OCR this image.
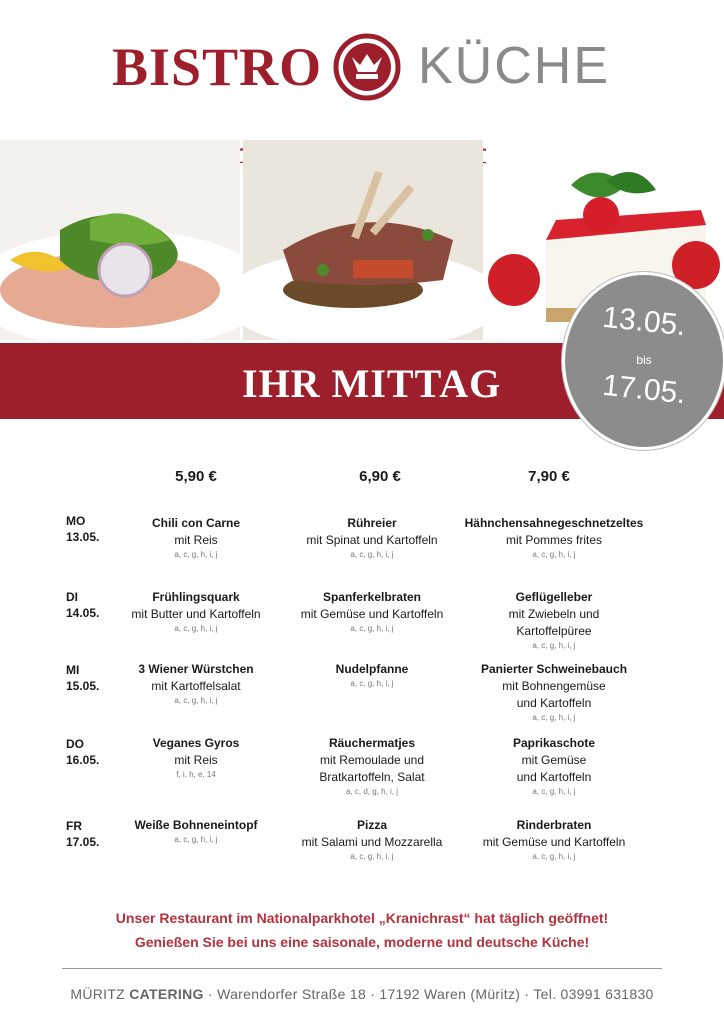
BISTRO KÜCHE
IHR MITTAG
13.05.
bis
17.05.
5,90 €	6,90 €	7,90 €
MO
13.05.
Chili con Carne
mit Reis
a, c, g, h, i, j
Rühreier
mit Spinat und Kartoffeln
a, c, g, h, i, j
Hähnchensahnegeschnetzeltes
mit Pommes frites
a, c, g, h, i, j
DI
14.05.
Frühlingsquark
mit Butter und Kartoffeln
a, c, g, h, i, j
Spanferkelbraten
mit Gemüse und Kartoffeln
a, c, g, h, i, j
Geflügelleber
mit Zwiebeln und
Kartoffelpüree
a, c, g, h, i, j
MI
15.05.
3 Wiener Würstchen
mit Kartoffelsalat
a, c, g, h, i, j
Nudelpfanne
a, c, g, h, i, j
Panierter Schweinebauch
mit Bohnengemüse
und Kartoffeln
a, c, g, h, i, j
DO
16.05.
Veganes Gyros
mit Reis
f, i, h, e, 14
Räuchermatjes
mit Remoulade und
Bratkartoffeln, Salat
a, c, d, g, h, i, j
Paprikaschote
mit Gemüse
und Kartoffeln
a, c, g, h, i, j
FR
17.05.
Weiße Bohneneintopf
a, c, g, h, i, j
Pizza
mit Salami und Mozzarella
a, c, g, h, i, j
Rinderbraten
mit Gemüse und Kartoffeln
a, c, g, h, i, j
Unser Restaurant im Nationalparkhotel „Kranichrast“ hat täglich geöffnet!
Genießen Sie bei uns eine saisonale, moderne und deutsche Küche!
MÜRITZ CATERING · Warendorfer Straße 18 · 17192 Waren (Müritz) · Tel. 03991 631830
